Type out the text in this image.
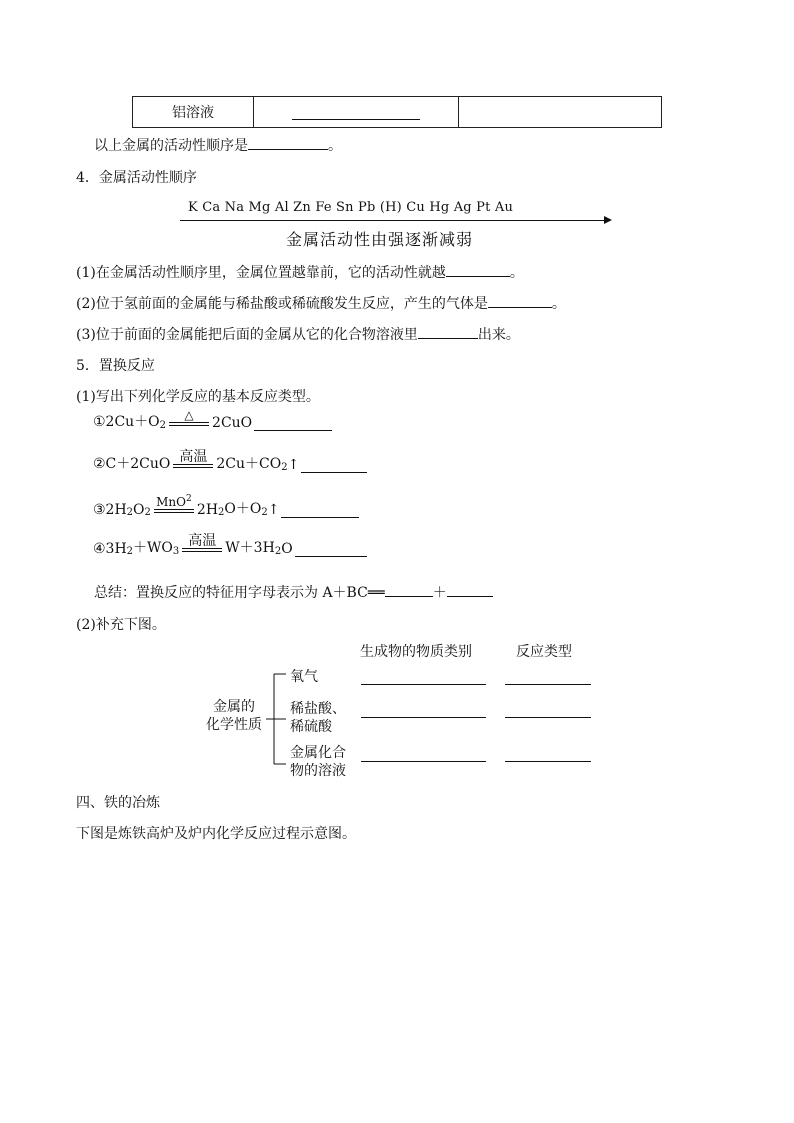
铝溶液	

以上金属的活动性顺序是	。
4．金属活动性顺序
K Ca Na Mg Al Zn Fe Sn Pb (H) Cu Hg Ag Pt Au
金属活动性由强逐渐减弱
(1)在金属活动性顺序里，金属位置越靠前，它的活动性就越	。
(2)位于氢前面的金属能与稀盐酸或稀硫酸发生反应，产生的气体是	。
(3)位于前面的金属能把后面的金属从它的化合物溶液里	出来。
5．置换反应
(1)写出下列化学反应的基本反应类型。
$①2Cu+O_2$
△ 2CuO
②C＋2CuO 高温 $2Cu+CO_2$ ↑
③2H 2 O 2
MnO$^2$
2H 2 $O+O_2$ ↑
④3H $2 +WO_3$
高温 $W+3H_2$ O
总结：置换反应的特征用字母表示为 A＋BC══	＋
(2)补充下图。
生成物的物质类别	反应类型
金属的
化学性质
氧气
稀盐酸、
稀硫酸
金属化合
物的溶液
四、铁的冶炼
下图是炼铁高炉及炉内化学反应过程示意图。
